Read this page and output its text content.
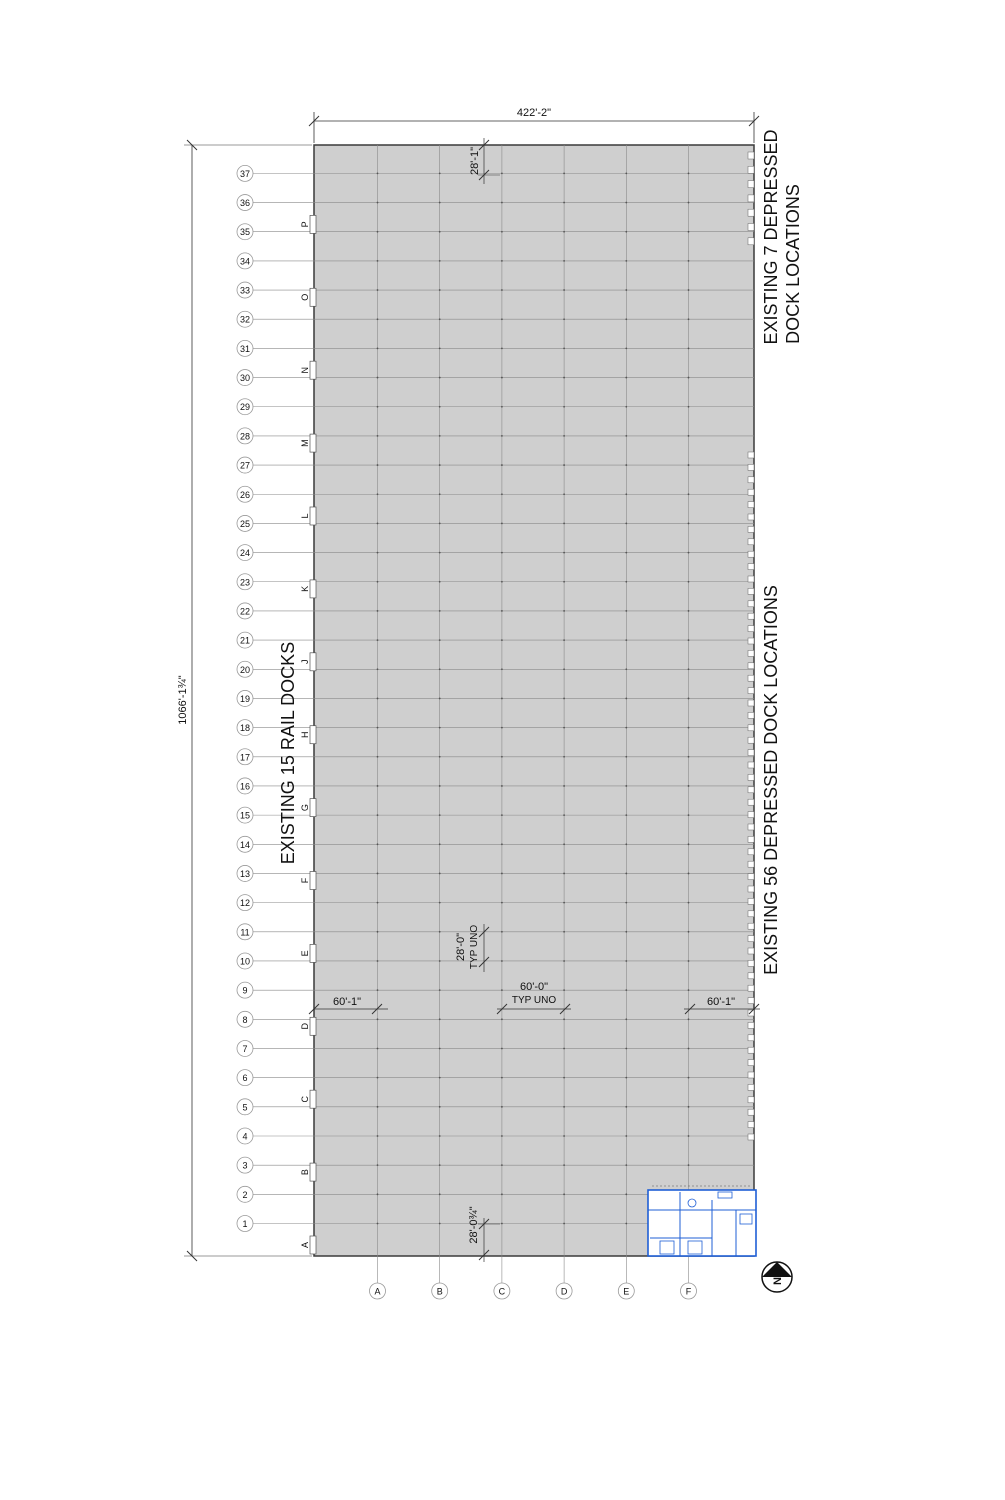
1
2
3
4
5
6
7
8
9
10
11
12
13
14
15
16
17
18
19
20
21
22
23
24
25
26
27
28
29
30
31
32
33
34
35
36
37
A	B	C	D	E	F
A
B
C
D
E
F
G
H
J
K
L
M
N
O
P
422'-2"
1066'-1¾"
28'-1"
28'-0" TYP UNO
28'-0¾"
60'-1"
60'-0"
TYP UNO	60'-1"
EXISTING 15 RAIL DOCKS	EXISTING 56 DEPRESSED DOCK LOCATIONS
EXISTING 7 DEPRESSED DOCK LOCATIONS
N
